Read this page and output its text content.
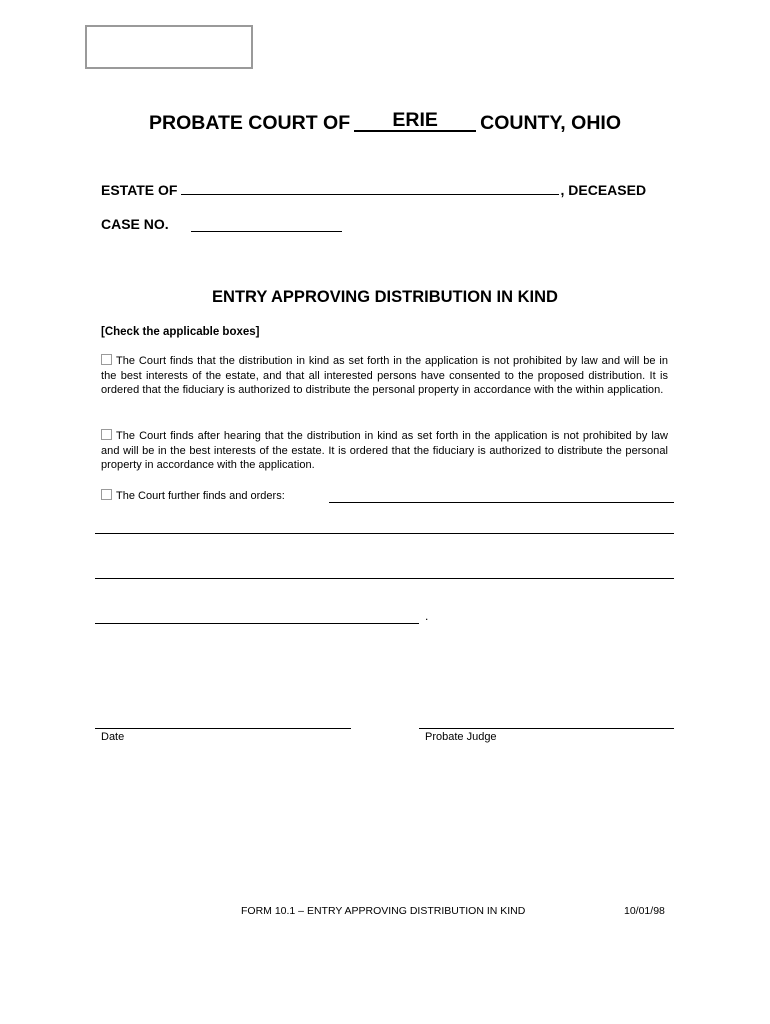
PROBATE COURT OF ERIE COUNTY, OHIO
ESTATE OF	, DECEASED
CASE NO.
ENTRY APPROVING DISTRIBUTION IN KIND
[Check the applicable boxes]
The Court finds that the distribution in kind as set forth in the application is not prohibited by law and will be in the best interests of the estate, and that all interested persons have consented to the proposed distribution. It is ordered that the fiduciary is authorized to distribute the personal property in accordance with the within application.
The Court finds after hearing that the distribution in kind as set forth in the application is not prohibited by law and will be in the best interests of the estate. It is ordered that the fiduciary is authorized to distribute the personal property in accordance with the application.
The Court further finds and orders:
.
Date	Probate Judge
FORM 10.1 – ENTRY APPROVING DISTRIBUTION IN KIND	10/01/98
